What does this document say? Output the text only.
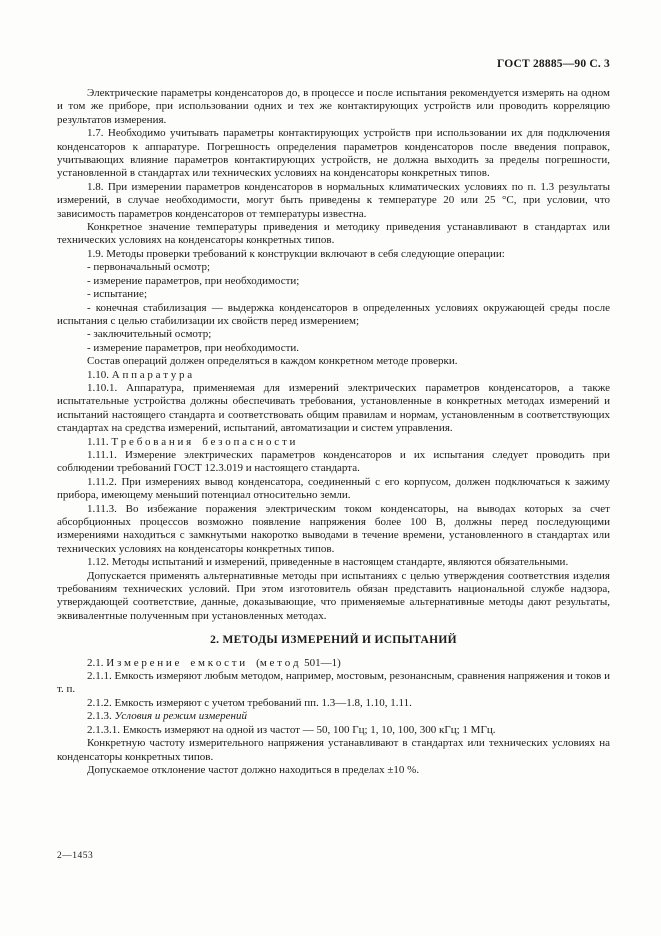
ГОСТ 28885—90 С. 3

Электрические параметры конденсаторов до, в процессе и после испытания рекомендуется измерять на одном и том же приборе, при использовании одних и тех же контактирующих устройств или проводить корреляцию результатов измерения.

1.7. Необходимо учитывать параметры контактирующих устройств при использовании их для подключения конденсаторов к аппаратуре. Погрешность определения параметров конденсаторов после введения поправок, учитывающих влияние параметров контактирующих устройств, не должна выходить за пределы погрешности, установленной в стандартах или технических условиях на конденсаторы конкретных типов.

1.8. При измерении параметров конденсаторов в нормальных климатических условиях по п. 1.3 результаты измерений, в случае необходимости, могут быть приведены к температуре 20 или 25 °С, при условии, что зависимость параметров конденсаторов от температуры известна.

Конкретное значение температуры приведения и методику приведения устанавливают в стандартах или технических условиях на конденсаторы конкретных типов.

1.9. Методы проверки требований к конструкции включают в себя следующие операции:

- первоначальный осмотр;

- измерение параметров, при необходимости;

- испытание;

- конечная стабилизация — выдержка конденсаторов в определенных условиях окружающей среды после испытания с целью стабилизации их свойств перед измерением;

- заключительный осмотр;

- измерение параметров, при необходимости.

Состав операций должен определяться в каждом конкретном методе проверки.

1.10. А п п а р а т у р а

1.10.1. Аппаратура, применяемая для измерений электрических параметров конденсаторов, а также испытательные устройства должны обеспечивать требования, установленные в конкретных методах измерений и испытаний настоящего стандарта и соответствовать общим правилам и нормам, установленным в соответствующих стандартах на средства измерений, испытаний, автоматизации и систем управления.

1.11. Т р е б о в а н и я  б е з о п а с н о с т и

1.11.1. Измерение электрических параметров конденсаторов и их испытания следует проводить при соблюдении требований ГОСТ 12.3.019 и настоящего стандарта.

1.11.2. При измерениях вывод конденсатора, соединенный с его корпусом, должен подключаться к зажиму прибора, имеющему меньший потенциал относительно земли.

1.11.3. Во избежание поражения электрическим током конденсаторы, на выводах которых за счет абсорбционных процессов возможно появление напряжения более 100 В, должны перед последующими измерениями находиться с замкнутыми накоротко выводами в течение времени, установленного в стандартах или технических условиях на конденсаторы конкретных типов.

1.12. Методы испытаний и измерений, приведенные в настоящем стандарте, являются обязательными.

Допускается применять альтернативные методы при испытаниях с целью утверждения соответствия изделия требованиям технических условий. При этом изготовитель обязан представить национальной службе надзора, утверждающей соответствие, данные, доказывающие, что применяемые альтернативные методы дают результаты, эквивалентные полученным при установленных методах.

2. МЕТОДЫ ИЗМЕРЕНИЙ И ИСПЫТАНИЙ

2.1. И з м е р е н и е  е м к о с т и  (м е т о д 501—1)

2.1.1. Емкость измеряют любым методом, например, мостовым, резонансным, сравнения напряжения и токов и т. п.

2.1.2. Емкость измеряют с учетом требований пп. 1.3—1.8, 1.10, 1.11.

2.1.3. Условия и режим измерений

2.1.3.1. Емкость измеряют на одной из частот — 50, 100 Гц; 1, 10, 100, 300 кГц; 1 МГц.

Конкретную частоту измерительного напряжения устанавливают в стандартах или технических условиях на конденсаторы конкретных типов.

Допускаемое отклонение частот должно находиться в пределах ±10 %.

2—1453
